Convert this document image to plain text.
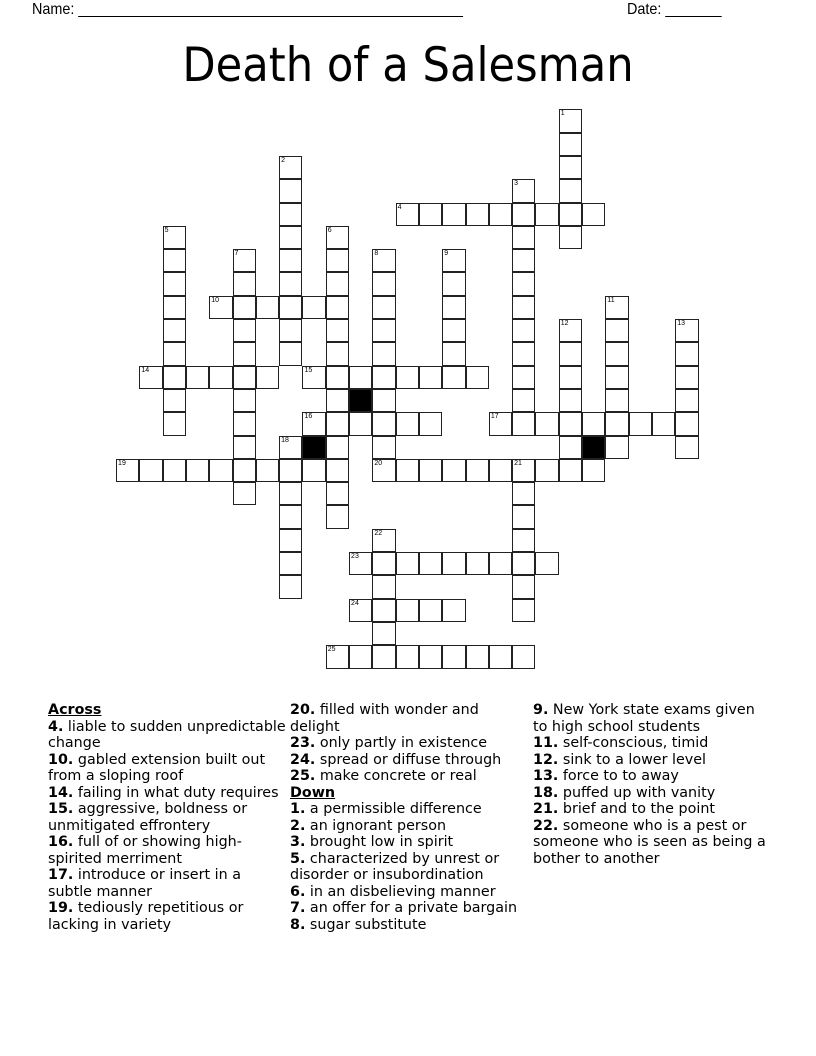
Name: ________________________________________________	Date: _______
Death of a Salesman
1
2
3
4
5	6
7	8
20
9
10	11
12	13
14	15
16	17
18
19	21
22
23
24
25
Across
4. liable to sudden unpredictable change
10. gabled extension built out from a sloping roof
14. failing in what duty requires
15. aggressive, boldness or unmitigated effrontery
16. full of or showing high-spirited merriment
17. introduce or insert in a subtle manner
19. tediously repetitious or lacking in variety
20. filled with wonder and delight
23. only partly in existence
24. spread or diffuse through
25. make concrete or real
Down
1. a permissible difference
2. an ignorant person
3. brought low in spirit
5. characterized by unrest or disorder or insubordination
6. in an disbelieving manner
7. an offer for a private bargain
8. sugar substitute
9. New York state exams given to high school students
11. self-conscious, timid
12. sink to a lower level
13. force to to away
18. puffed up with vanity
21. brief and to the point
22. someone who is a pest or someone who is seen as being a bother to another
